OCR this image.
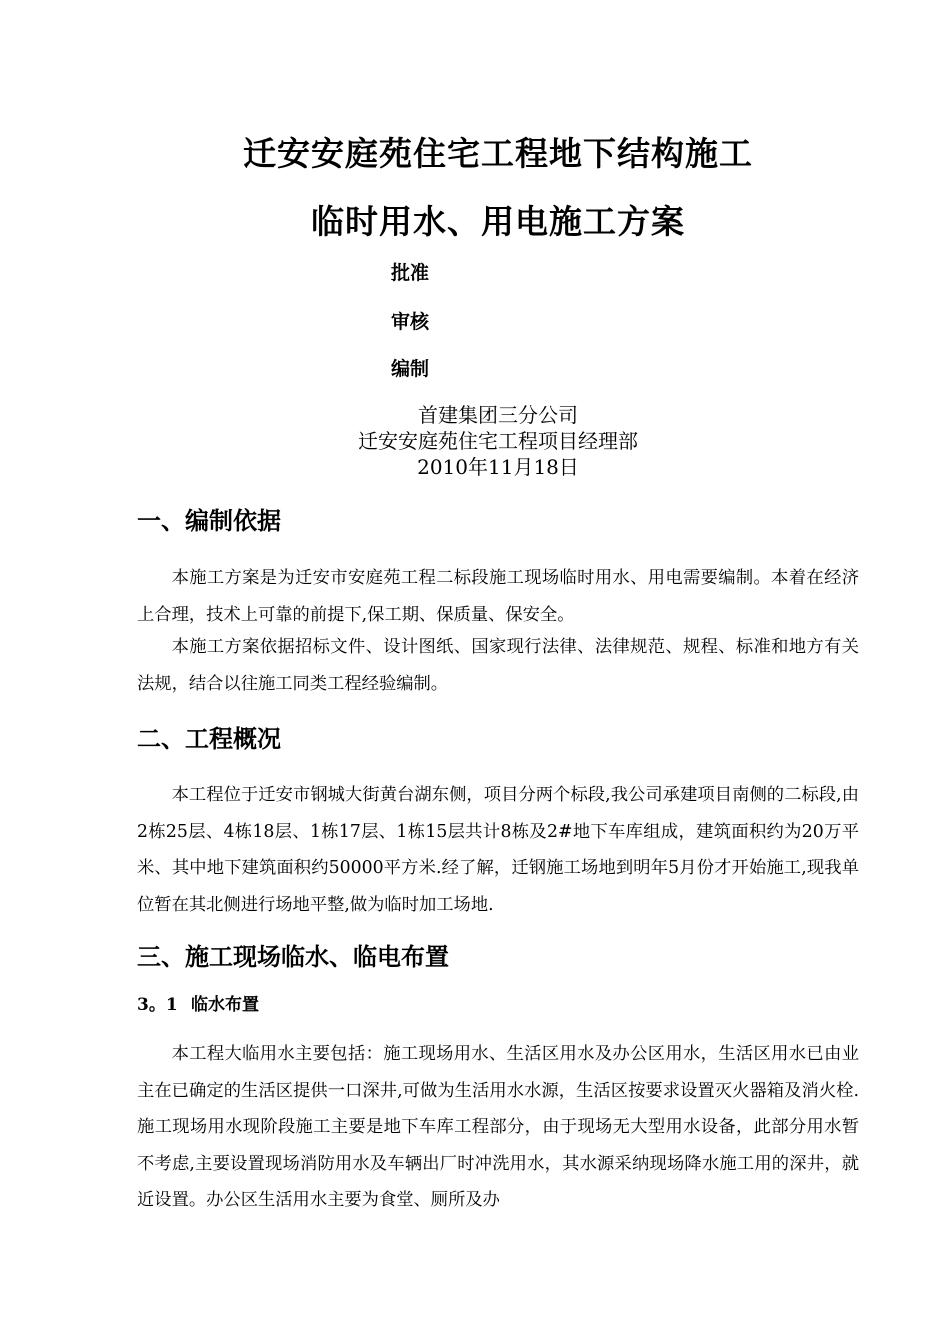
迁安安庭苑住宅工程地下结构施工
临时用水、用电施工方案
批准
审核
编制
首建集团三分公司
迁安安庭苑住宅工程项目经理部
2010年11月18日
一、编制依据
本施工方案是为迁安市安庭苑工程二标段施工现场临时用水、用电需要编制。本着在经济上合理，技术上可靠的前提下,保工期、保质量、保安全。
本施工方案依据招标文件、设计图纸、国家现行法律、法律规范、规程、标准和地方有关法规，结合以往施工同类工程经验编制。
二、工程概况
本工程位于迁安市钢城大街黄台湖东侧，项目分两个标段,我公司承建项目南侧的二标段,由2栋25层、4栋18层、1栋17层、1栋15层共计8栋及2#地下车库组成，建筑面积约为20万平米、其中地下建筑面积约50000平方米.经了解，迁钢施工场地到明年5月份才开始施工,现我单位暂在其北侧进行场地平整,做为临时加工场地.
三、施工现场临水、临电布置
3。1 临水布置
本工程大临用水主要包括：施工现场用水、生活区用水及办公区用水，生活区用水已由业主在已确定的生活区提供一口深井,可做为生活用水水源，生活区按要求设置灭火器箱及消火栓.施工现场用水现阶段施工主要是地下车库工程部分，由于现场无大型用水设备，此部分用水暂不考虑,主要设置现场消防用水及车辆出厂时冲洗用水，其水源采纳现场降水施工用的深井，就近设置。办公区生活用水主要为食堂、厕所及办
